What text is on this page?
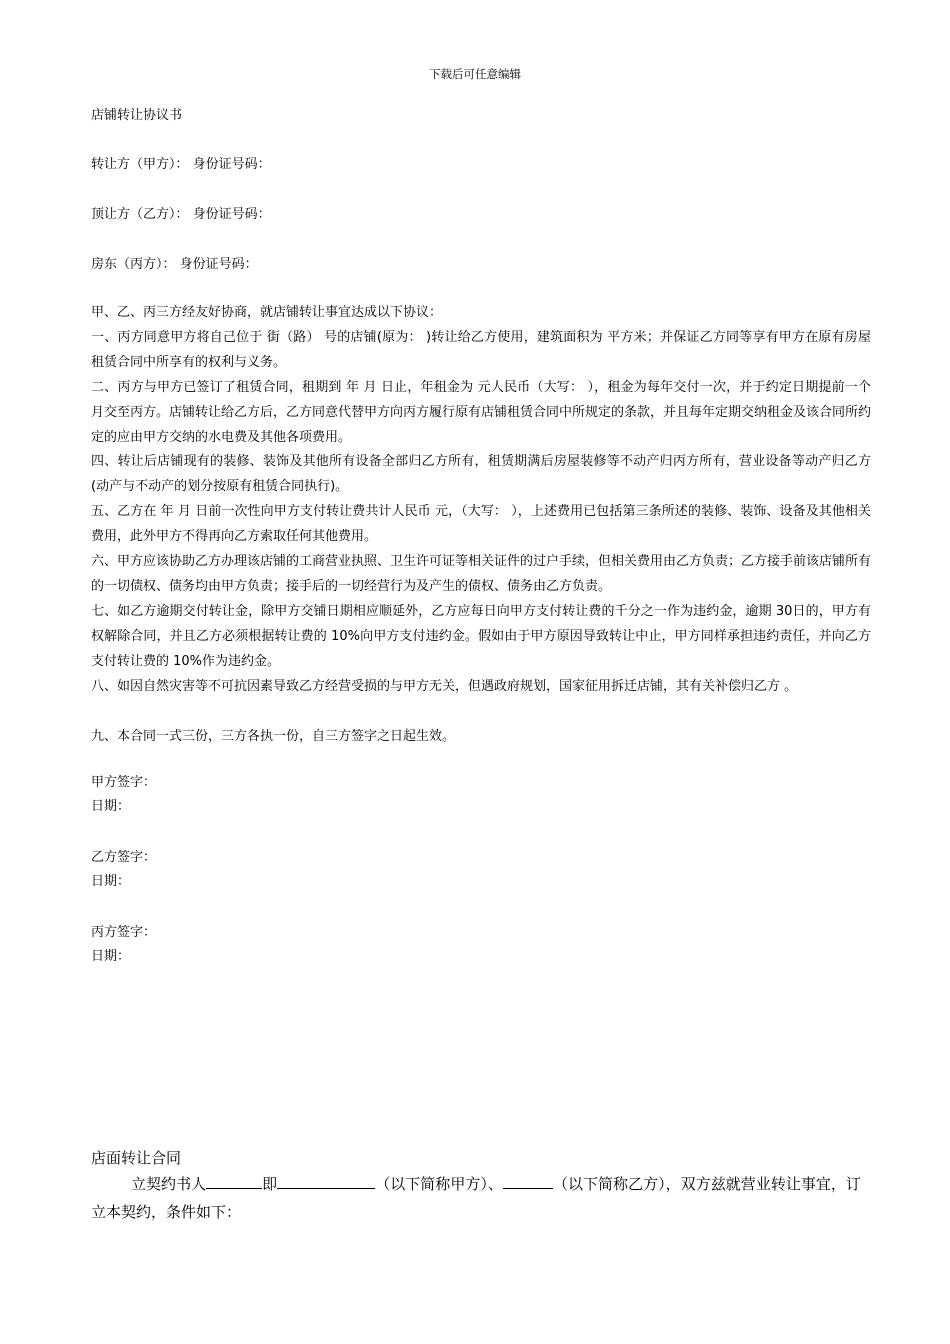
下载后可任意编辑
店铺转让协议书
转让方（甲方）： 身份证号码：
顶让方（乙方）： 身份证号码：
房东（丙方）： 身份证号码：

甲、乙、丙三方经友好协商，就店铺转让事宜达成以下协议：

一、丙方同意甲方将自己位于 街（路） 号的店铺(原为： )转让给乙方使用，建筑面积为 平方米；并保证乙方同等享有甲方在原有房屋租赁合同中所享有的权利与义务。

二、丙方与甲方已签订了租赁合同，租期到 年 月 日止，年租金为 元人民币（大写： ），租金为每年交付一次，并于约定日期提前一个月交至丙方。店铺转让给乙方后，乙方同意代替甲方向丙方履行原有店铺租赁合同中所规定的条款，并且每年定期交纳租金及该合同所约定的应由甲方交纳的水电费及其他各项费用。

四、转让后店铺现有的装修、装饰及其他所有设备全部归乙方所有，租赁期满后房屋装修等不动产归丙方所有，营业设备等动产归乙方(动产与不动产的划分按原有租赁合同执行)。

五、乙方在 年 月 日前一次性向甲方支付转让费共计人民币 元，（大写： ），上述费用已包括第三条所述的装修、装饰、设备及其他相关费用，此外甲方不得再向乙方索取任何其他费用。

六、甲方应该协助乙方办理该店铺的工商营业执照、卫生许可证等相关证件的过户手续，但相关费用由乙方负责；乙方接手前该店铺所有的一切债权、债务均由甲方负责；接手后的一切经营行为及产生的债权、债务由乙方负责。

七、如乙方逾期交付转让金，除甲方交铺日期相应顺延外，乙方应每日向甲方支付转让费的千分之一作为违约金，逾期 30日的，甲方有权解除合同，并且乙方必须根据转让费的 10%向甲方支付违约金。假如由于甲方原因导致转让中止，甲方同样承担违约责任，并向乙方支付转让费的 10%作为违约金。

八、如因自然灾害等不可抗因素导致乙方经营受损的与甲方无关，但遇政府规划，国家征用拆迁店铺，其有关补偿归乙方 。

九、本合同一式三份，三方各执一份，自三方签字之日起生效。
甲方签字：
日期：
乙方签字：
日期：
丙方签字：
日期：
店面转让合同

立契约书人	即	（以下简称甲方）、	（以下简称乙方），双方兹就营业转让事宜，订立本契约，条件如下：
